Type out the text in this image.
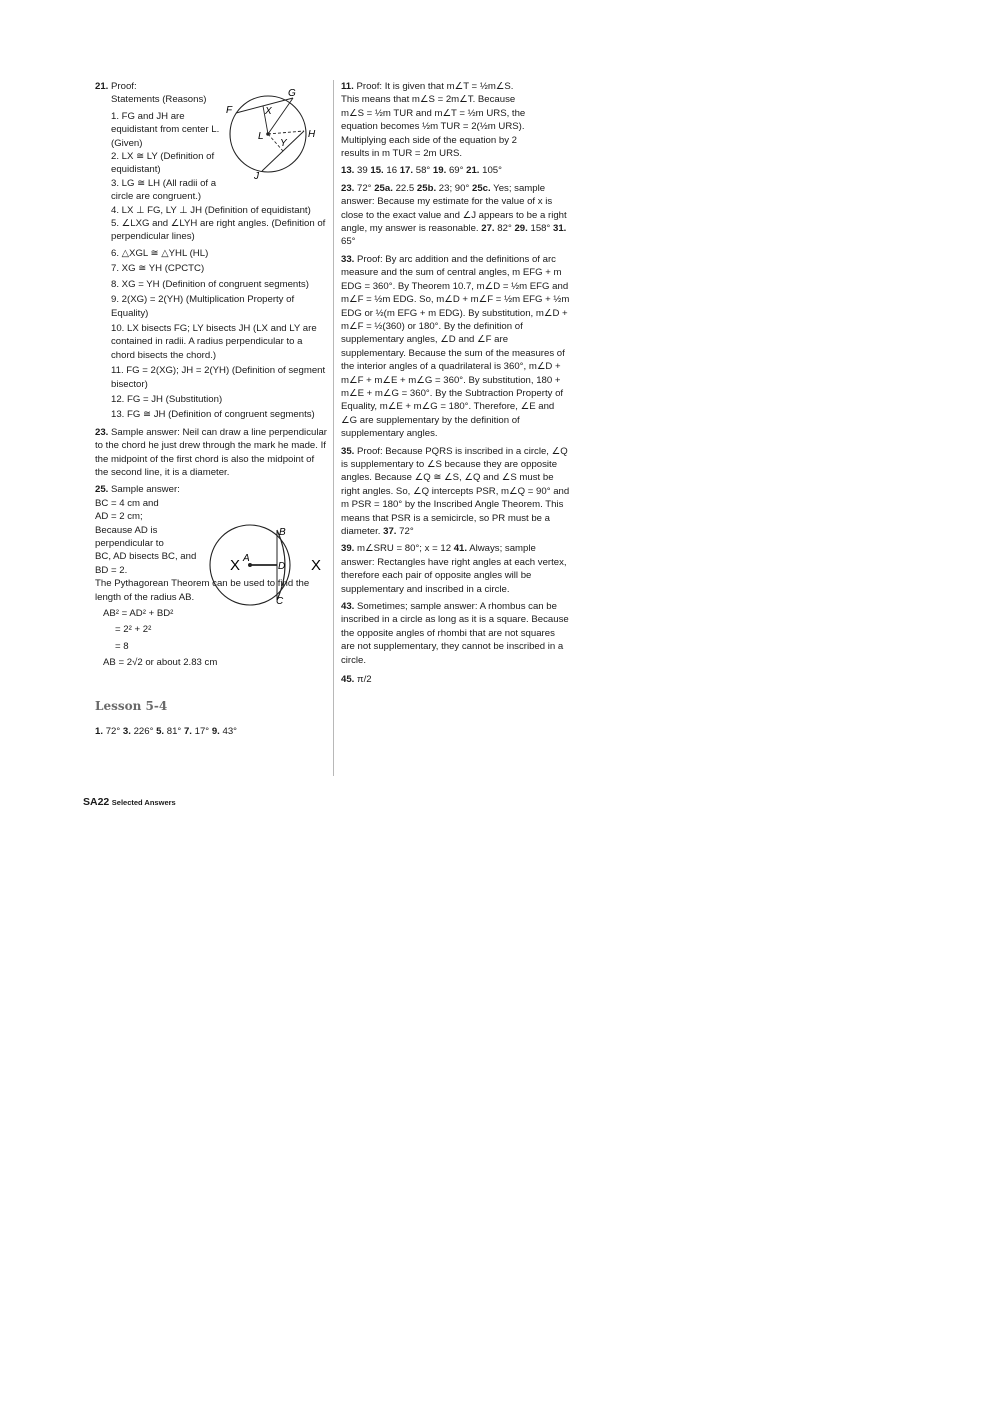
21. Proof:
Statements (Reasons)
1. FG and JH are equidistant from center L. (Given)
2. LX ≅ LY (Definition of equidistant)
3. LG ≅ LH (All radii of a circle are congruent.)
4. LX ⊥ FG, LY ⊥ JH (Definition of equidistant)
5. ∠LXG and ∠LYH are right angles. (Definition of perpendicular lines)
6. △XGL ≅ △YHL (HL)
7. XG ≅ YH (CPCTC)
8. XG = YH (Definition of congruent segments)
9. 2(XG) = 2(YH) (Multiplication Property of Equality)
10. LX bisects FG; LY bisects JH (LX and LY are contained in radii. A radius perpendicular to a chord bisects the chord.)
11. FG = 2(XG); JH = 2(YH) (Definition of segment bisector)
12. FG = JH (Substitution)
13. FG ≅ JH (Definition of congruent segments)
23. Sample answer: Neil can draw a line perpendicular to the chord he just drew through the mark he made. If the midpoint of the first chord is also the midpoint of the second line, it is a diameter.
25. Sample answer:
BC = 4 cm and
AD = 2 cm;
Because AD is
perpendicular to
BC, AD bisects BC, and
BD = 2.
The Pythagorean Theorem can be used to find the length of the radius AB.
AB² = AD² + BD²
= 2² + 2²
= 8
AB = 2√2 or about 2.83 cm
Lesson 5-4
1. 72° 3. 226° 5. 81° 7. 17° 9. 43°
G
F	X
L	H
Y
J
B
A
D
C
X	X
11. Proof: It is given that m∠T = ½m∠S.
This means that m∠S = 2m∠T. Because
m∠S = ½m TUR and m∠T = ½m URS, the
equation becomes ½m TUR = 2(½m URS).
Multiplying each side of the equation by 2
results in m TUR = 2m URS.
13. 39 15. 16 17. 58° 19. 69° 21. 105°
23. 72° 25a. 22.5 25b. 23; 90° 25c. Yes; sample answer: Because my estimate for the value of x is close to the exact value and ∠J appears to be a right angle, my answer is reasonable. 27. 82° 29. 158° 31. 65°
33. Proof: By arc addition and the definitions of arc measure and the sum of central angles, m EFG + m EDG = 360°. By Theorem 10.7, m∠D = ½m EFG and m∠F = ½m EDG. So, m∠D + m∠F = ½m EFG + ½m EDG or ½(m EFG + m EDG). By substitution, m∠D + m∠F = ½(360) or 180°. By the definition of supplementary angles, ∠D and ∠F are supplementary. Because the sum of the measures of the interior angles of a quadrilateral is 360°, m∠D + m∠F + m∠E + m∠G = 360°. By substitution, 180 + m∠E + m∠G = 360°. By the Subtraction Property of Equality, m∠E + m∠G = 180°. Therefore, ∠E and ∠G are supplementary by the definition of supplementary angles.
35. Proof: Because PQRS is inscribed in a circle, ∠Q is supplementary to ∠S because they are opposite angles. Because ∠Q ≅ ∠S, ∠Q and ∠S must be right angles. So, ∠Q intercepts PSR, m∠Q = 90° and m PSR = 180° by the Inscribed Angle Theorem. This means that PSR is a semicircle, so PR must be a diameter. 37. 72°
39. m∠SRU = 80°; x = 12 41. Always; sample answer: Rectangles have right angles at each vertex, therefore each pair of opposite angles will be supplementary and inscribed in a circle.
43. Sometimes; sample answer: A rhombus can be inscribed in a circle as long as it is a square. Because the opposite angles of rhombi that are not squares are not supplementary, they cannot be inscribed in a circle.
45. π/2
SA22 Selected Answers
